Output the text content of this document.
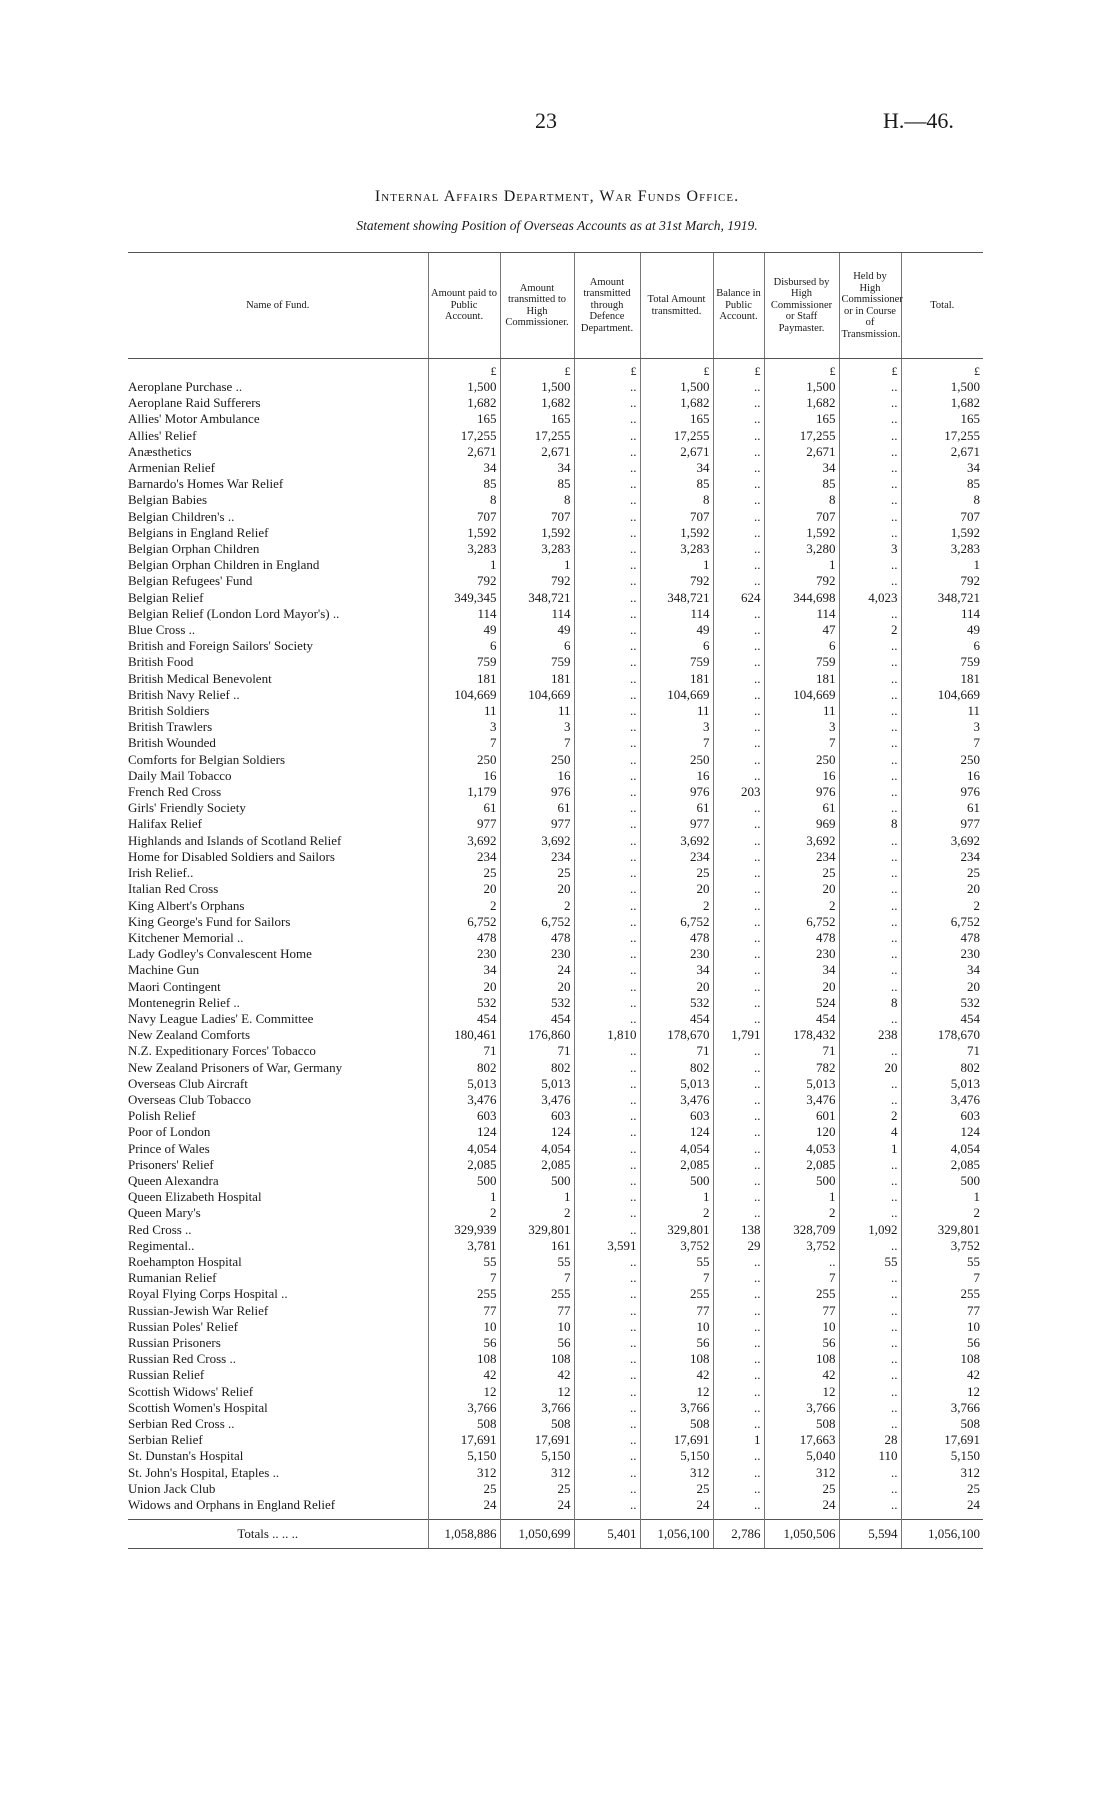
23	H.—46.
Internal Affairs Department, War Funds Office.
Statement showing Position of Overseas Accounts as at 31st March, 1919.
Name of Fund.	Amount paid to Public Account.	Amount transmitted to High Commissioner.	Amount transmitted through Defence Department.	Total Amount transmitted.	Balance in Public Account.	Disbursed by High Commissioner or Staff Paymaster.	Held by High Commissioner or in Course of Transmission.	Total.
	£	£	£	£	£	£	£	£
Aeroplane Purchase ..	1,500	1,500	..	1,500	..	1,500	..	1,500
Aeroplane Raid Sufferers	1,682	1,682	..	1,682	..	1,682	..	1,682
Allies' Motor Ambulance	165	165	..	165	..	165	..	165
Allies' Relief	17,255	17,255	..	17,255	..	17,255	..	17,255
Anæsthetics	2,671	2,671	..	2,671	..	2,671	..	2,671
Armenian Relief	34	34	..	34	..	34	..	34
Barnardo's Homes War Relief	85	85	..	85	..	85	..	85
Belgian Babies	8	8	..	8	..	8	..	8
Belgian Children's ..	707	707	..	707	..	707	..	707
Belgians in England Relief	1,592	1,592	..	1,592	..	1,592	..	1,592
Belgian Orphan Children	3,283	3,283	..	3,283	..	3,280	3	3,283
Belgian Orphan Children in England	1	1	..	1	..	1	..	1
Belgian Refugees' Fund	792	792	..	792	..	792	..	792
Belgian Relief	349,345	348,721	..	348,721	624	344,698	4,023	348,721
Belgian Relief (London Lord Mayor's) ..	114	114	..	114	..	114	..	114
Blue Cross ..	49	49	..	49	..	47	2	49
British and Foreign Sailors' Society	6	6	..	6	..	6	..	6
British Food	759	759	..	759	..	759	..	759
British Medical Benevolent	181	181	..	181	..	181	..	181
British Navy Relief ..	104,669	104,669	..	104,669	..	104,669	..	104,669
British Soldiers	11	11	..	11	..	11	..	11
British Trawlers	3	3	..	3	..	3	..	3
British Wounded	7	7	..	7	..	7	..	7
Comforts for Belgian Soldiers	250	250	..	250	..	250	..	250
Daily Mail Tobacco	16	16	..	16	..	16	..	16
French Red Cross	1,179	976	..	976	203	976	..	976
Girls' Friendly Society	61	61	..	61	..	61	..	61
Halifax Relief	977	977	..	977	..	969	8	977
Highlands and Islands of Scotland Relief	3,692	3,692	..	3,692	..	3,692	..	3,692
Home for Disabled Soldiers and Sailors	234	234	..	234	..	234	..	234
Irish Relief..	25	25	..	25	..	25	..	25
Italian Red Cross	20	20	..	20	..	20	..	20
King Albert's Orphans	2	2	..	2	..	2	..	2
King George's Fund for Sailors	6,752	6,752	..	6,752	..	6,752	..	6,752
Kitchener Memorial ..	478	478	..	478	..	478	..	478
Lady Godley's Convalescent Home	230	230	..	230	..	230	..	230
Machine Gun	34	24	..	34	..	34	..	34
Maori Contingent	20	20	..	20	..	20	..	20
Montenegrin Relief ..	532	532	..	532	..	524	8	532
Navy League Ladies' E. Committee	454	454	..	454	..	454	..	454
New Zealand Comforts	180,461	176,860	1,810	178,670	1,791	178,432	238	178,670
N.Z. Expeditionary Forces' Tobacco	71	71	..	71	..	71	..	71
New Zealand Prisoners of War, Germany	802	802	..	802	..	782	20	802
Overseas Club Aircraft	5,013	5,013	..	5,013	..	5,013	..	5,013
Overseas Club Tobacco	3,476	3,476	..	3,476	..	3,476	..	3,476
Polish Relief	603	603	..	603	..	601	2	603
Poor of London	124	124	..	124	..	120	4	124
Prince of Wales	4,054	4,054	..	4,054	..	4,053	1	4,054
Prisoners' Relief	2,085	2,085	..	2,085	..	2,085	..	2,085
Queen Alexandra	500	500	..	500	..	500	..	500
Queen Elizabeth Hospital	1	1	..	1	..	1	..	1
Queen Mary's	2	2	..	2	..	2	..	2
Red Cross ..	329,939	329,801	..	329,801	138	328,709	1,092	329,801
Regimental..	3,781	161	3,591	3,752	29	3,752	..	3,752
Roehampton Hospital	55	55	..	55	..	..	55	55
Rumanian Relief	7	7	..	7	..	7	..	7
Royal Flying Corps Hospital ..	255	255	..	255	..	255	..	255
Russian-Jewish War Relief	77	77	..	77	..	77	..	77
Russian Poles' Relief	10	10	..	10	..	10	..	10
Russian Prisoners	56	56	..	56	..	56	..	56
Russian Red Cross ..	108	108	..	108	..	108	..	108
Russian Relief	42	42	..	42	..	42	..	42
Scottish Widows' Relief	12	12	..	12	..	12	..	12
Scottish Women's Hospital	3,766	3,766	..	3,766	..	3,766	..	3,766
Serbian Red Cross ..	508	508	..	508	..	508	..	508
Serbian Relief	17,691	17,691	..	17,691	1	17,663	28	17,691
St. Dunstan's Hospital	5,150	5,150	..	5,150	..	5,040	110	5,150
St. John's Hospital, Etaples ..	312	312	..	312	..	312	..	312
Union Jack Club	25	25	..	25	..	25	..	25
Widows and Orphans in England Relief	24	24	..	24	..	24	..	24

Totals .. .. ..	1,058,886	1,050,699	5,401	1,056,100	2,786	1,050,506	5,594	1,056,100
